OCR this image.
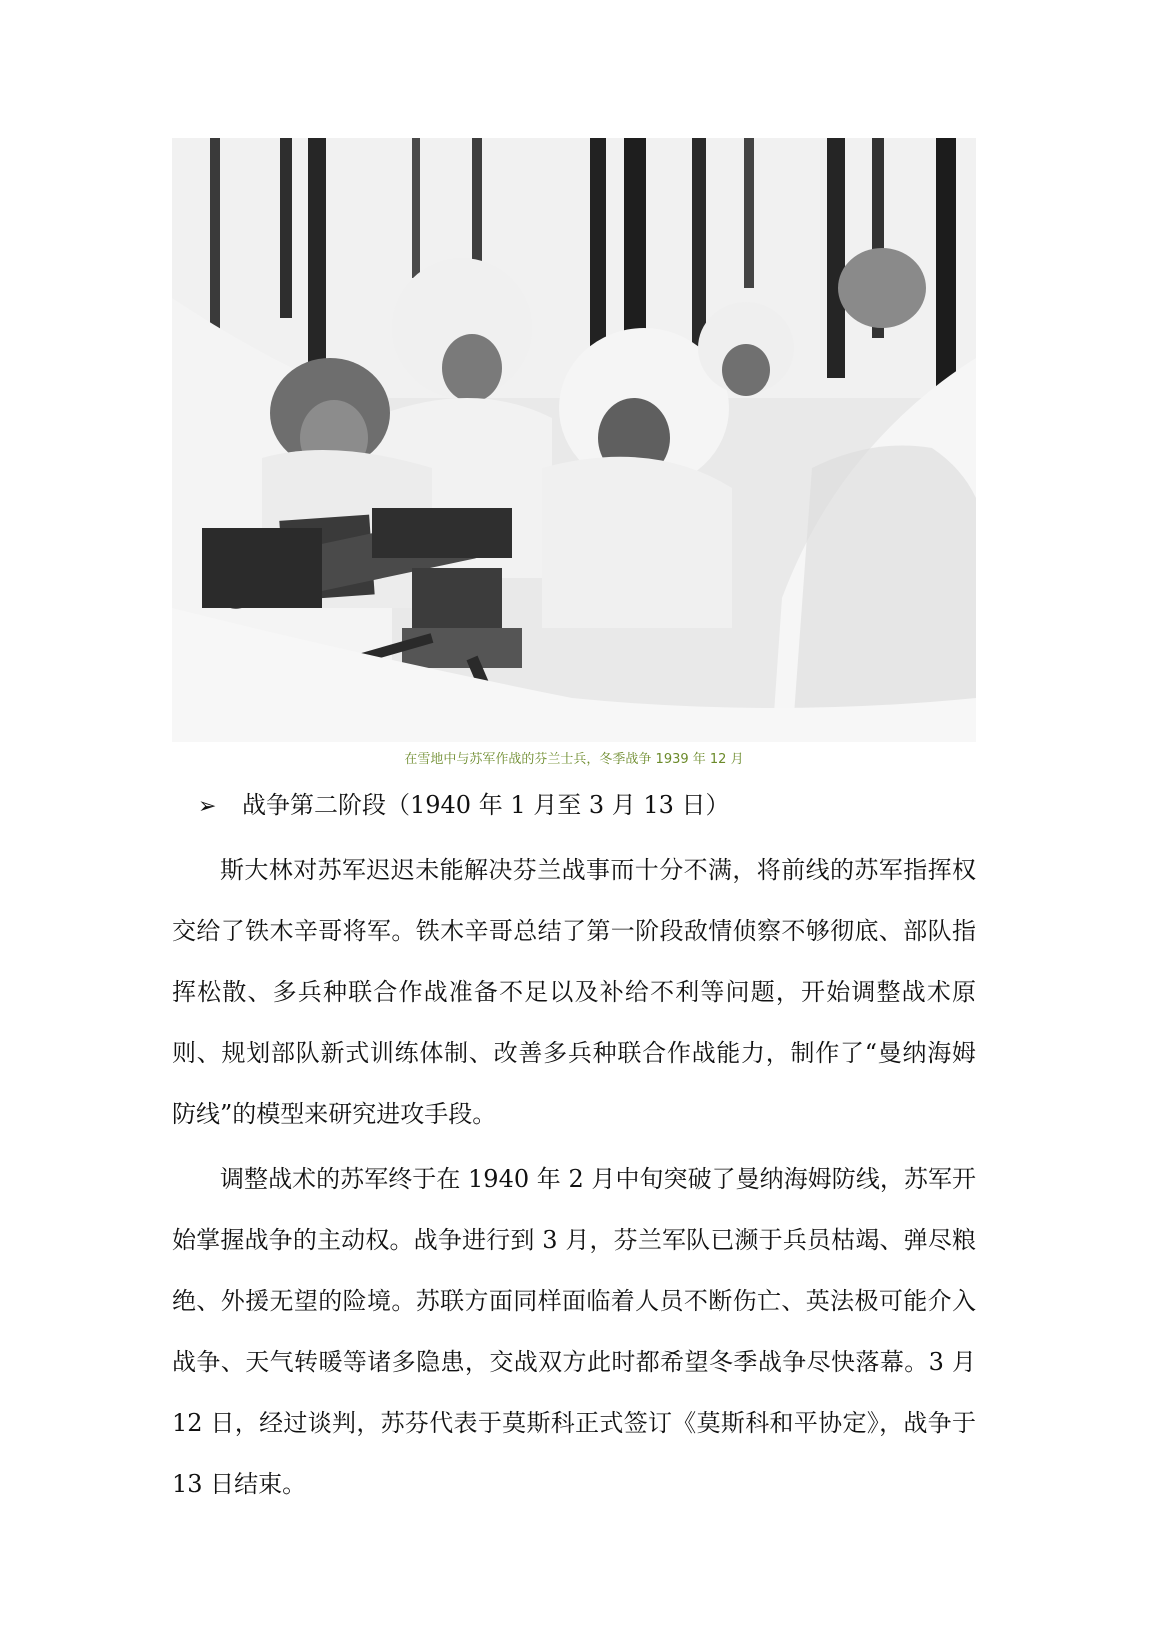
在雪地中与苏军作战的芬兰士兵，冬季战争 1939 年 12 月
➢ 战争第二阶段（1940 年 1 月至 3 月 13 日）

斯大林对苏军迟迟未能解决芬兰战事而十分不满，将前线的苏军指挥权交给了铁木辛哥将军。铁木辛哥总结了第一阶段敌情侦察不够彻底、部队指挥松散、多兵种联合作战准备不足以及补给不利等问题，开始调整战术原则、规划部队新式训练体制、改善多兵种联合作战能力，制作了“曼纳海姆防线”的模型来研究进攻手段。

调整战术的苏军终于在 1940 年 2 月中旬突破了曼纳海姆防线，苏军开始掌握战争的主动权。战争进行到 3 月，芬兰军队已濒于兵员枯竭、弹尽粮绝、外援无望的险境。苏联方面同样面临着人员不断伤亡、英法极可能介入战争、天气转暖等诸多隐患，交战双方此时都希望冬季战争尽快落幕。3 月 12 日，经过谈判，苏芬代表于莫斯科正式签订《莫斯科和平协定》，战争于 13 日结束。
